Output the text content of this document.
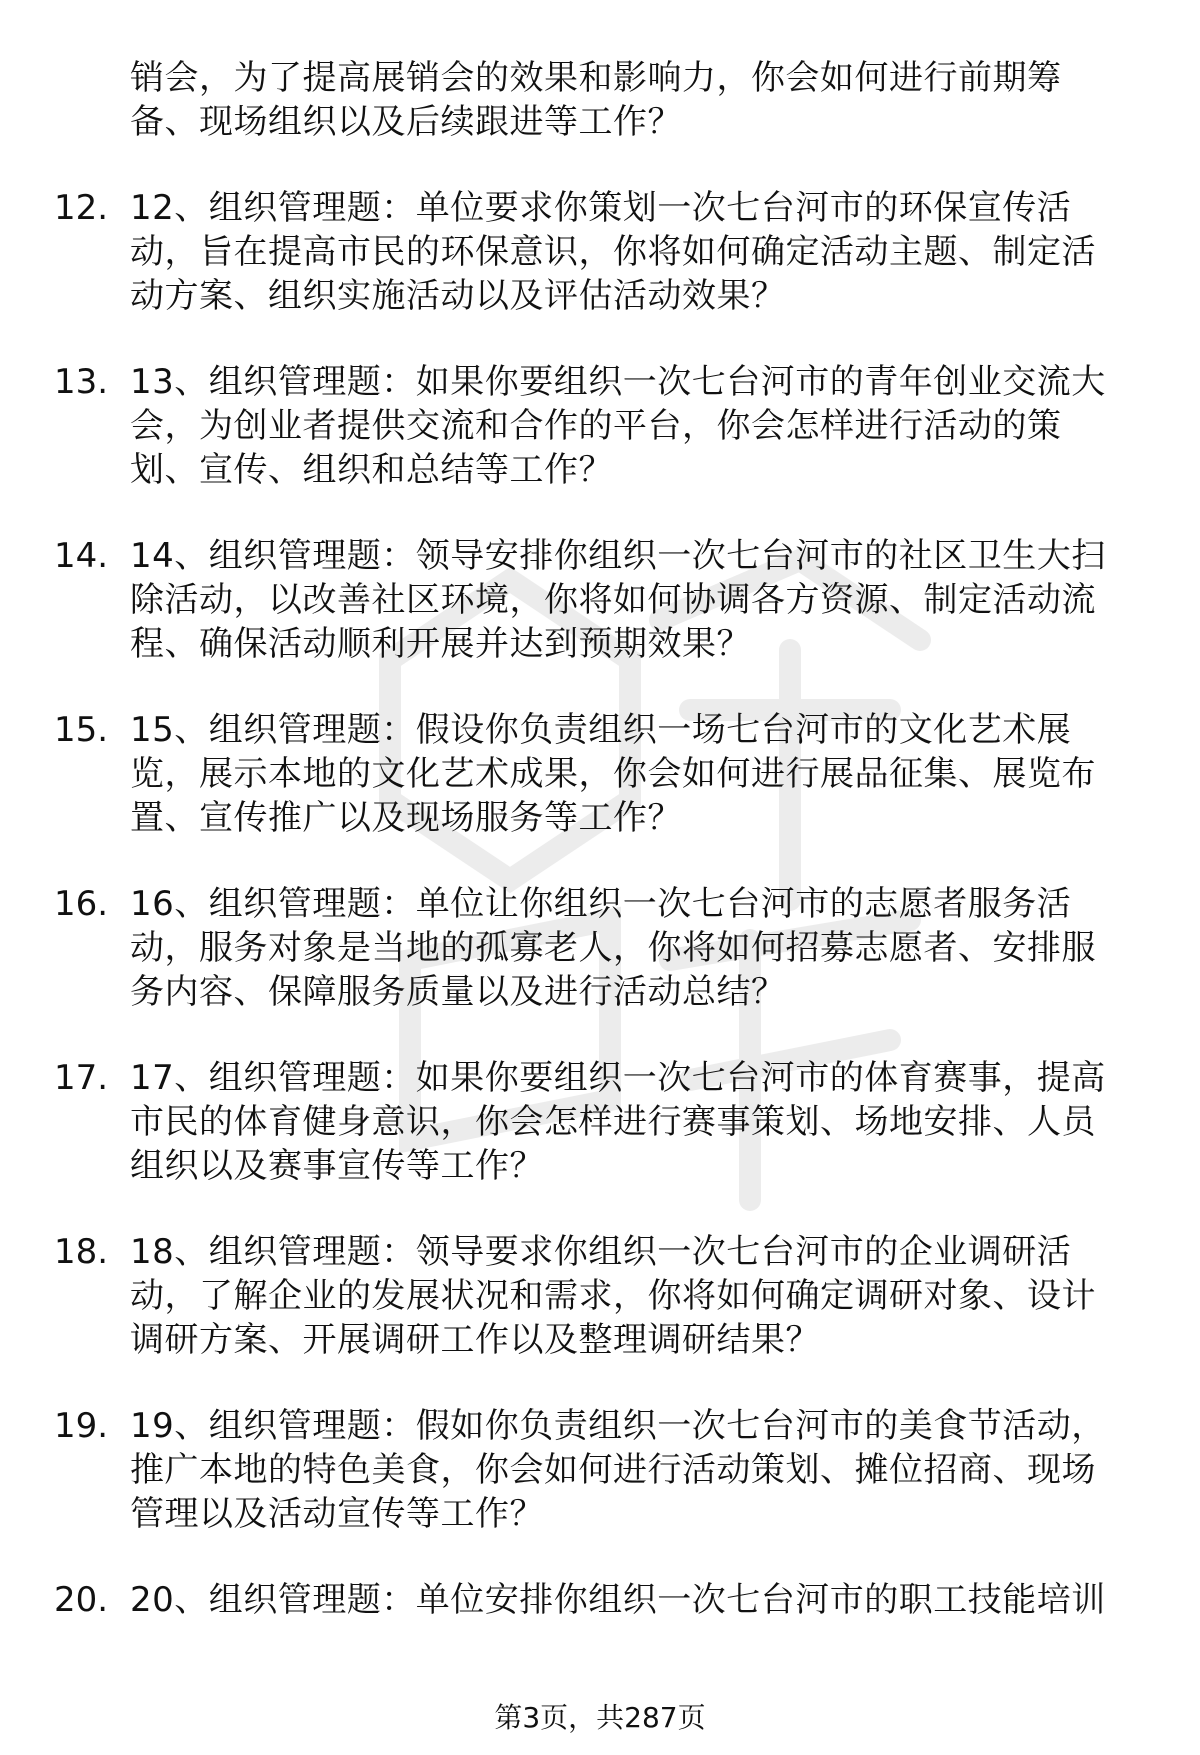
销会，为了提高展销会的效果和影响力，你会如何进行前期筹
备、现场组织以及后续跟进等工作？
12. 12、组织管理题：单位要求你策划一次七台河市的环保宣传活
动，旨在提高市民的环保意识，你将如何确定活动主题、制定活
动方案、组织实施活动以及评估活动效果？
13. 13、组织管理题：如果你要组织一次七台河市的青年创业交流大
会，为创业者提供交流和合作的平台，你会怎样进行活动的策
划、宣传、组织和总结等工作？
14. 14、组织管理题：领导安排你组织一次七台河市的社区卫生大扫
除活动，以改善社区环境，你将如何协调各方资源、制定活动流
程、确保活动顺利开展并达到预期效果？
15. 15、组织管理题：假设你负责组织一场七台河市的文化艺术展
览，展示本地的文化艺术成果，你会如何进行展品征集、展览布
置、宣传推广以及现场服务等工作？
16. 16、组织管理题：单位让你组织一次七台河市的志愿者服务活
动，服务对象是当地的孤寡老人，你将如何招募志愿者、安排服
务内容、保障服务质量以及进行活动总结？
17. 17、组织管理题：如果你要组织一次七台河市的体育赛事，提高
市民的体育健身意识，你会怎样进行赛事策划、场地安排、人员
组织以及赛事宣传等工作？
18. 18、组织管理题：领导要求你组织一次七台河市的企业调研活
动，了解企业的发展状况和需求，你将如何确定调研对象、设计
调研方案、开展调研工作以及整理调研结果？
19. 19、组织管理题：假如你负责组织一次七台河市的美食节活动，
推广本地的特色美食，你会如何进行活动策划、摊位招商、现场
管理以及活动宣传等工作？
20. 20、组织管理题：单位安排你组织一次七台河市的职工技能培训
第3页，共287页
